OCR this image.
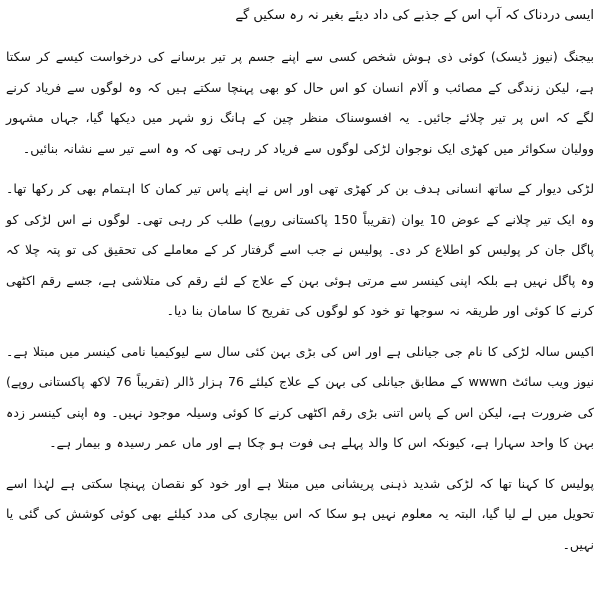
ایسی دردناک کہ آپ اس کے جذبے کی داد دیئے بغیر نہ رہ سکیں گے

بیجنگ (نیوز ڈیسک) کوئی ذی ہوش شخص کسی سے اپنے جسم پر تیر برسانے کی درخواست کیسے کر سکتا ہے، لیکن زندگی کے مصائب و آلام انسان کو اس حال کو بھی پہنچا سکتے ہیں کہ وہ لوگوں سے فریاد کرنے لگے کہ اس پر تیر چلائے جائیں۔ یہ افسوسناک منظر چین کے ہانگ زو شہر میں دیکھا گیا، جہاں مشہور وولیان سکوائر میں کھڑی ایک نوجوان لڑکی لوگوں سے فریاد کر رہی تھی کہ وہ اسے تیر سے نشانہ بنائیں۔

لڑکی دیوار کے ساتھ انسانی ہدف بن کر کھڑی تھی اور اس نے اپنے پاس تیر کمان کا اہتمام بھی کر رکھا تھا۔ وہ ایک تیر چلانے کے عوض 10 یوان (تقریباً 150 پاکستانی روپے) طلب کر رہی تھی۔ لوگوں نے اس لڑکی کو پاگل جان کر پولیس کو اطلاع کر دی۔ پولیس نے جب اسے گرفتار کر کے معاملے کی تحقیق کی تو پتہ چلا کہ وہ پاگل نہیں ہے بلکہ اپنی کینسر سے مرتی ہوئی بہن کے علاج کے لئے رقم کی متلاشی ہے، جسے رقم اکٹھی کرنے کا کوئی اور طریقہ نہ سوجھا تو خود کو لوگوں کی تفریح کا سامان بنا دیا۔

اکیس سالہ لڑکی کا نام جی جیانلی ہے اور اس کی بڑی بہن کئی سال سے لیوکیمیا نامی کینسر میں مبتلا ہے۔ نیوز ویب سائٹ wwwn کے مطابق جیانلی کی بہن کے علاج کیلئے 76 ہزار ڈالر (تقریباً 76 لاکھ پاکستانی روپے) کی ضرورت ہے، لیکن اس کے پاس اتنی بڑی رقم اکٹھی کرنے کا کوئی وسیلہ موجود نہیں۔ وہ اپنی کینسر زدہ بہن کا واحد سہارا ہے، کیونکہ اس کا والد پہلے ہی فوت ہو چکا ہے اور ماں عمر رسیدہ و بیمار ہے۔

پولیس کا کہنا تھا کہ لڑکی شدید ذہنی پریشانی میں مبتلا ہے اور خود کو نقصان پہنچا سکتی ہے لہٰذا اسے تحویل میں لے لیا گیا، البتہ یہ معلوم نہیں ہو سکا کہ اس بیچاری کی مدد کیلئے بھی کوئی کوشش کی گئی یا نہیں۔
